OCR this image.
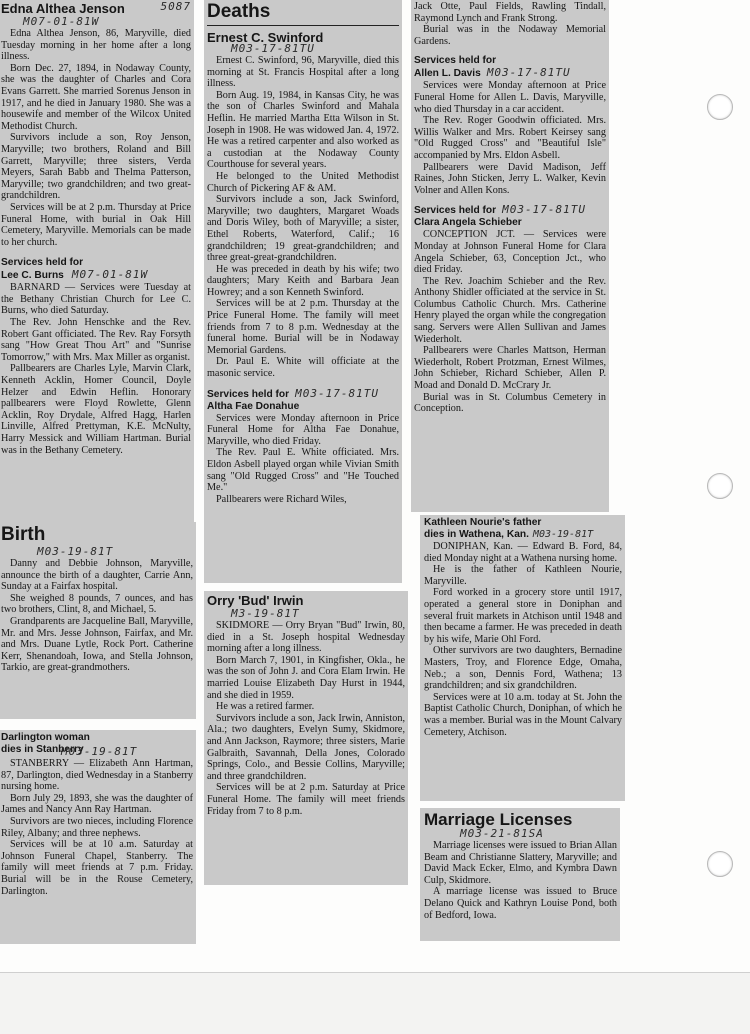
Edna Althea Jenson	5087
M07-01-81W

Edna Althea Jenson, 86, Maryville, died Tuesday morning in her home after a long illness.

Born Dec. 27, 1894, in Nodaway County, she was the daughter of Charles and Cora Evans Garrett. She married Sorenus Jenson in 1917, and he died in January 1980. She was a housewife and member of the Wilcox United Methodist Church.

Survivors include a son, Roy Jenson, Maryville; two brothers, Roland and Bill Garrett, Maryville; three sisters, Verda Meyers, Sarah Babb and Thelma Patterson, Maryville; two grandchildren; and two great-grandchildren.

Services will be at 2 p.m. Thursday at Price Funeral Home, with burial in Oak Hill Cemetery, Maryville. Memorials can be made to her church.

Services held for
Lee C. Burns M07-01-81W

BARNARD — Services were Tuesday at the Bethany Christian Church for Lee C. Burns, who died Saturday.

The Rev. John Henschke and the Rev. Robert Gant officiated. The Rev. Ray Forsyth sang "How Great Thou Art" and "Sunrise Tomorrow," with Mrs. Max Miller as organist.

Pallbearers are Charles Lyle, Marvin Clark, Kenneth Acklin, Homer Council, Doyle Helzer and Edwin Heflin. Honorary pallbearers were Floyd Rowlette, Glenn Acklin, Roy Drydale, Alfred Hagg, Harlen Linville, Alfred Prettyman, K.E. McNulty, Harry Messick and William Hartman. Burial was in the Bethany Cemetery.

Birth
M03-19-81T

Danny and Debbie Johnson, Maryville, announce the birth of a daughter, Carrie Ann, Sunday at a Fairfax hospital.

She weighed 8 pounds, 7 ounces, and has two brothers, Clint, 8, and Michael, 5.

Grandparents are Jacqueline Ball, Maryville, Mr. and Mrs. Jesse Johnson, Fairfax, and Mr. and Mrs. Duane Lytle, Rock Port. Catherine Kerr, Shenandoah, Iowa, and Stella Johnson, Tarkio, are great-grandmothers.

Darlington woman
dies in Stanberry
M03-19-81T

STANBERRY — Elizabeth Ann Hartman, 87, Darlington, died Wednesday in a Stanberry nursing home.

Born July 29, 1893, she was the daughter of James and Nancy Ann Ray Hartman.

Survivors are two nieces, including Florence Riley, Albany; and three nephews.

Services will be at 10 a.m. Saturday at Johnson Funeral Chapel, Stanberry. The family will meet friends at 7 p.m. Friday. Burial will be in the Rouse Cemetery, Darlington.

Deaths
Ernest C. Swinford
M03-17-81TU

Ernest C. Swinford, 96, Maryville, died this morning at St. Francis Hospital after a long illness.

Born Aug. 19, 1984, in Kansas City, he was the son of Charles Swinford and Mahala Heflin. He married Martha Etta Wilson in St. Joseph in 1908. He was widowed Jan. 4, 1972. He was a retired carpenter and also worked as a custodian at the Nodaway County Courthouse for several years.

He belonged to the United Methodist Church of Pickering AF & AM.

Survivors include a son, Jack Swinford, Maryville; two daughters, Margaret Woads and Doris Wiley, both of Maryville; a sister, Ethel Roberts, Waterford, Calif.; 16 grandchildren; 19 great-grandchildren; and three great-great-grandchildren.

He was preceded in death by his wife; two daughters; Mary Keith and Barbara Jean Howrey; and a son Kenneth Swinford.

Services will be at 2 p.m. Thursday at the Price Funeral Home. The family will meet friends from 7 to 8 p.m. Wednesday at the funeral home. Burial will be in Nodaway Memorial Gardens.

Dr. Paul E. White will officiate at the masonic service.

Services held for M03-17-81TU
Altha Fae Donahue

Services were Monday afternoon in Price Funeral Home for Altha Fae Donahue, Maryville, who died Friday.

The Rev. Paul E. White officiated. Mrs. Eldon Asbell played organ while Vivian Smith sang "Old Rugged Cross" and "He Touched Me."

Pallbearers were Richard Wiles,

Orry 'Bud' Irwin
M3-19-81T

SKIDMORE — Orry Bryan "Bud" Irwin, 80, died in a St. Joseph hospital Wednesday morning after a long illness.

Born March 7, 1901, in Kingfisher, Okla., he was the son of John J. and Cora Elam Irwin. He married Louise Elizabeth Day Hurst in 1944, and she died in 1959.

He was a retired farmer.

Survivors include a son, Jack Irwin, Anniston, Ala.; two daughters, Evelyn Sumy, Skidmore, and Ann Jackson, Raymore; three sisters, Marie Galbraith, Savannah, Della Jones, Colorado Springs, Colo., and Bessie Collins, Maryville; and three grandchildren.

Services will be at 2 p.m. Saturday at Price Funeral Home. The family will meet friends Friday from 7 to 8 p.m.

Jack Otte, Paul Fields, Rawling Tindall, Raymond Lynch and Frank Strong.

Burial was in the Nodaway Memorial Gardens.

Services held for
Allen L. Davis M03-17-81TU

Services were Monday afternoon at Price Funeral Home for Allen L. Davis, Maryville, who died Thursday in a car accident.

The Rev. Roger Goodwin officiated. Mrs. Willis Walker and Mrs. Robert Keirsey sang "Old Rugged Cross" and "Beautiful Isle" accompanied by Mrs. Eldon Asbell.

Pallbearers were David Madison, Jeff Raines, John Sticken, Jerry L. Walker, Kevin Volner and Allen Kons.

Services held for M03-17-81TU
Clara Angela Schieber

CONCEPTION JCT. — Services were Monday at Johnson Funeral Home for Clara Angela Schieber, 63, Conception Jct., who died Friday.

The Rev. Joachim Schieber and the Rev. Anthony Shidler officiated at the service in St. Columbus Catholic Church. Mrs. Catherine Henry played the organ while the congregation sang. Servers were Allen Sullivan and James Wiederholt.

Pallbearers were Charles Mattson, Herman Wiederholt, Robert Protzman, Ernest Wilmes, John Schieber, Richard Schieber, Allen P. Moad and Donald D. McCrary Jr.

Burial was in St. Columbus Cemetery in Conception.

Kathleen Nourie's father
dies in Wathena, Kan. M03-19-81T

DONIPHAN, Kan. — Edward B. Ford, 84, died Monday night at a Wathena nursing home.

He is the father of Kathleen Nourie, Maryville.

Ford worked in a grocery store until 1917, operated a general store in Doniphan and several fruit markets in Atchison until 1948 and then became a farmer. He was preceded in death by his wife, Marie Ohl Ford.

Other survivors are two daughters, Bernadine Masters, Troy, and Florence Edge, Omaha, Neb.; a son, Dennis Ford, Wathena; 13 grandchildren; and six grandchildren.

Services were at 10 a.m. today at St. John the Baptist Catholic Church, Doniphan, of which he was a member. Burial was in the Mount Calvary Cemetery, Atchison.

Marriage Licenses
M03-21-81SA

Marriage licenses were issued to Brian Allan Beam and Christianne Slattery, Maryville; and David Mack Ecker, Elmo, and Kymbra Dawn Culp, Skidmore.

A marriage license was issued to Bruce Delano Quick and Kathryn Louise Pond, both of Bedford, Iowa.
